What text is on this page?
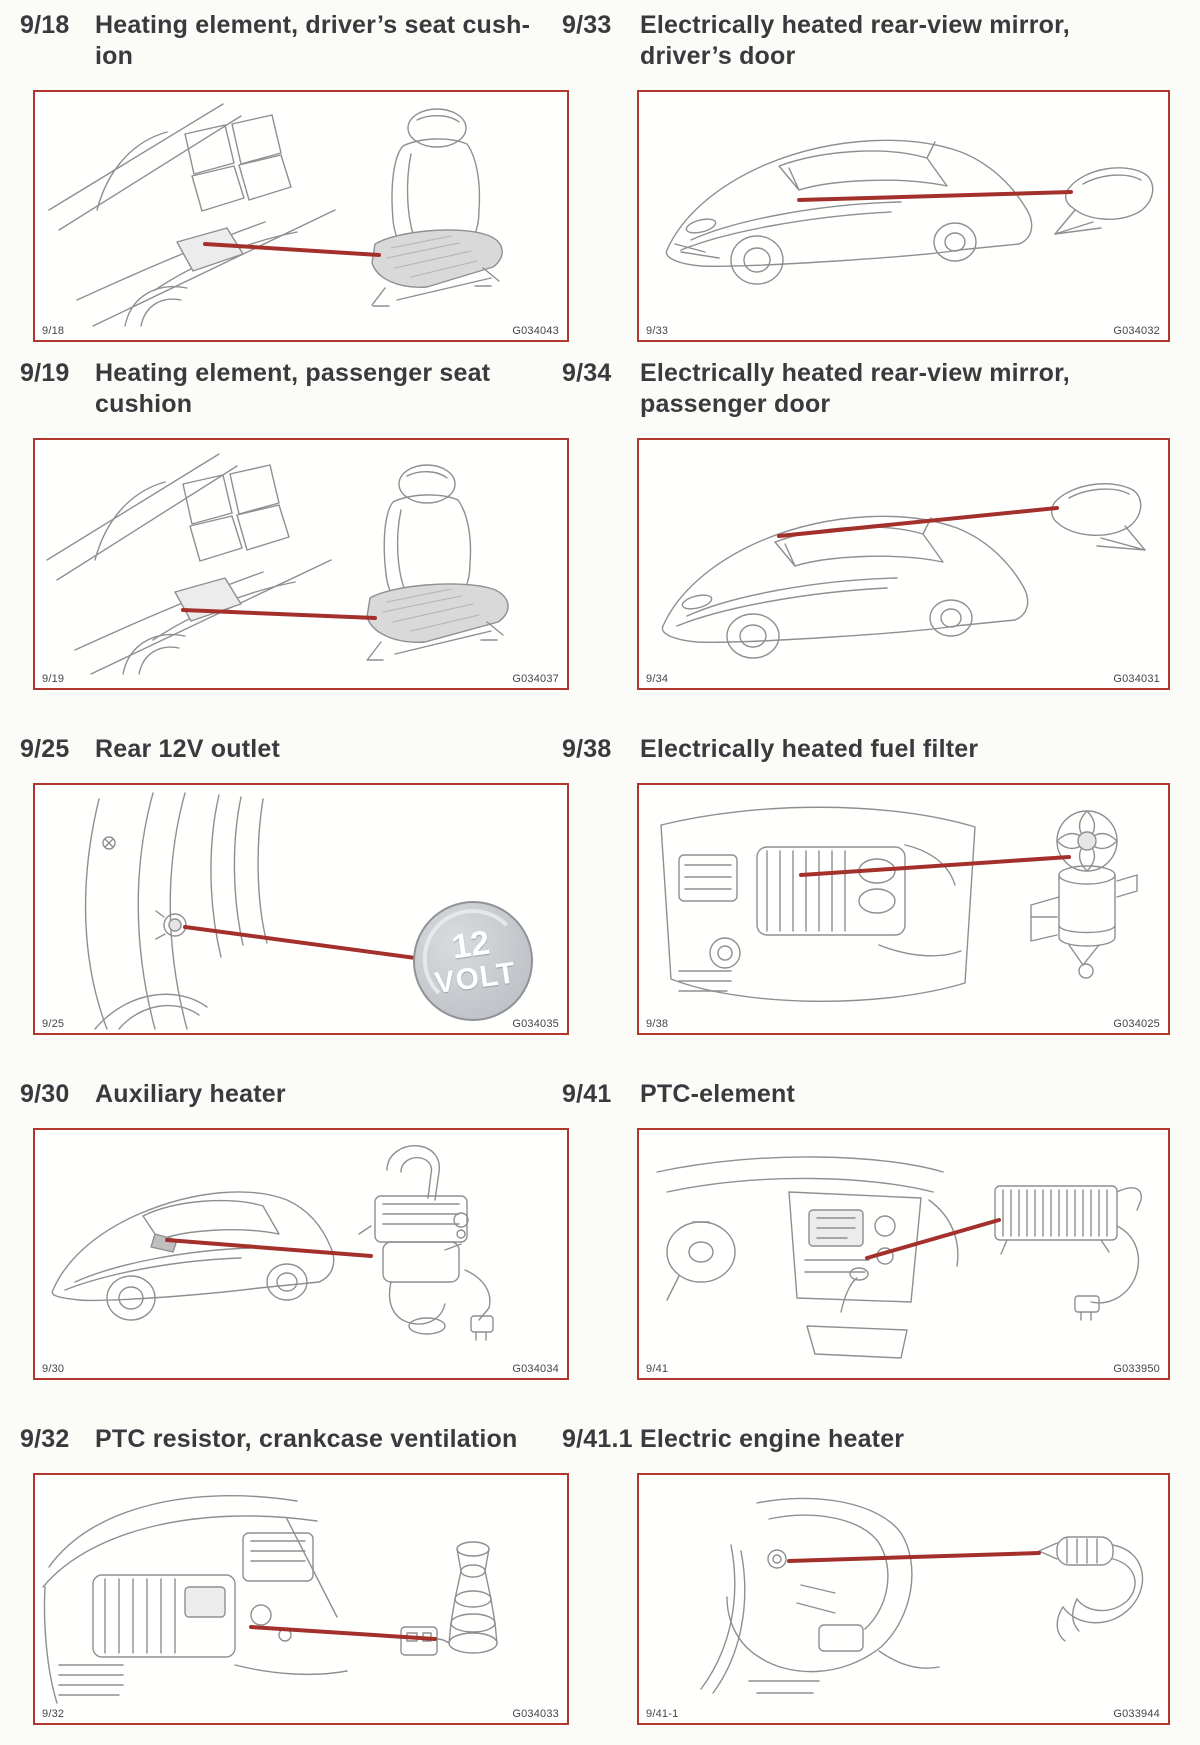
9/18	Heating element, driver’s seat cush-
ion
9/18	G034043
9/19	Heating element, passenger seat
cushion
9/19	G034037
9/25	Rear 12V outlet
12
VOLT
9/25	G034035
9/30	Auxiliary heater
9/30	G034034
9/32	PTC resistor, crankcase ventilation
9/32	G034033
9/33	Electrically heated rear-view mirror,
driver’s door
9/33	G034032
9/34	Electrically heated rear-view mirror,
passenger door
9/34	G034031
9/38	Electrically heated fuel filter
9/38	G034025
9/41	PTC-element
9/41	G033950
9/41.1 Electric engine heater
9/41-1	G033944
